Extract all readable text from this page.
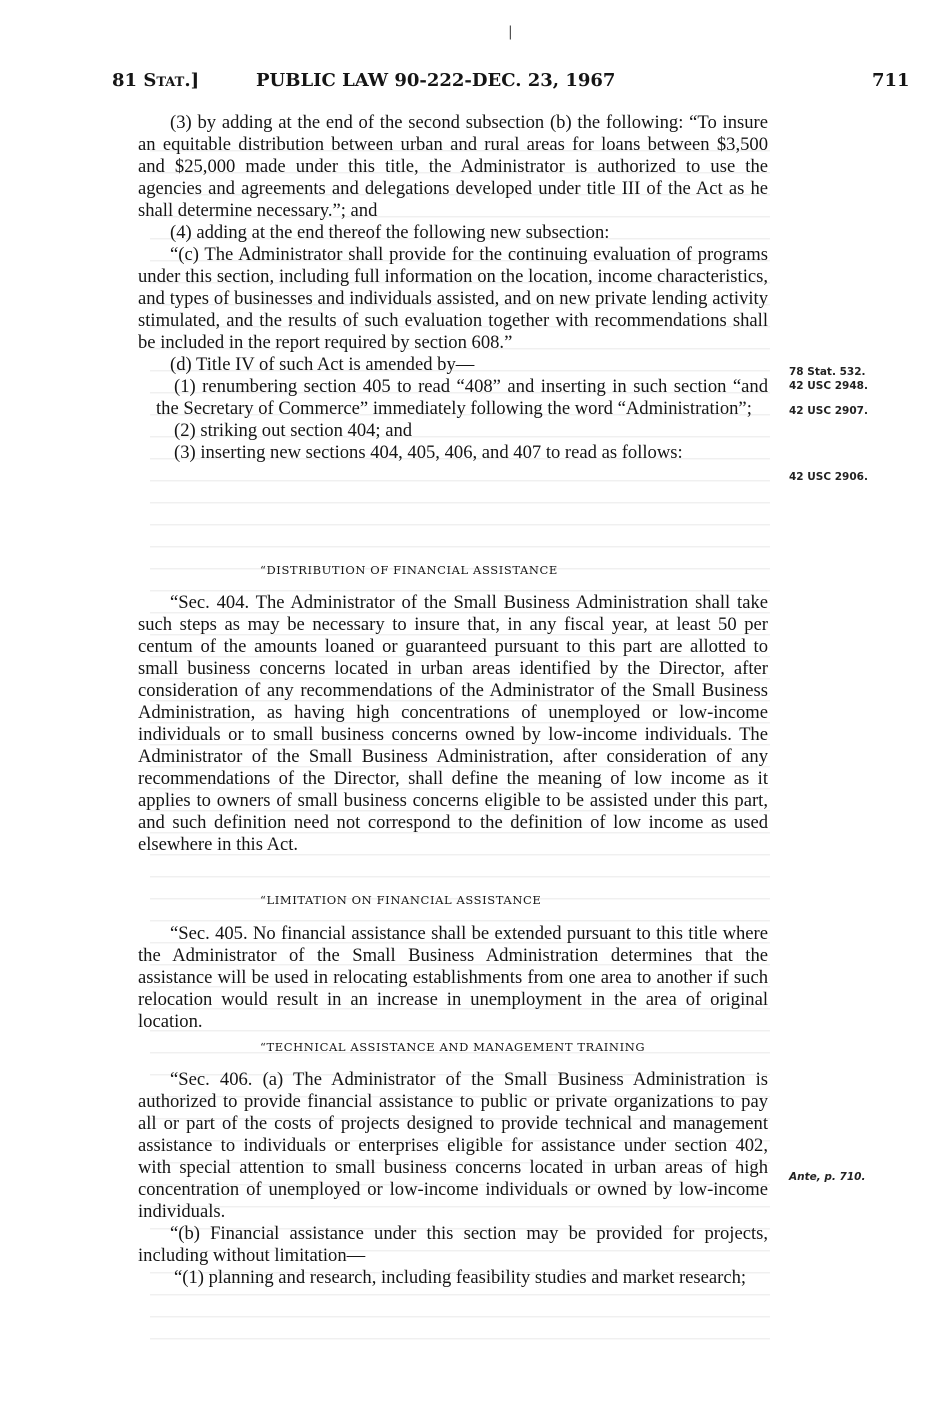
|
81 Stat.]	PUBLIC LAW 90-222-DEC. 23, 1967	711

(3) by adding at the end of the second subsection (b) the following: “To insure an equitable distribution between urban and rural areas for loans between $3,500 and $25,000 made under this title, the Administrator is authorized to use the agencies and agreements and delegations developed under title III of the Act as he shall determine necessary.”; and

(4) adding at the end thereof the following new subsection:

“(c) The Administrator shall provide for the continuing evaluation of programs under this section, including full information on the location, income characteristics, and types of businesses and individuals assisted, and on new private lending activity stimulated, and the results of such evaluation together with recommendations shall be included in the report required by section 608.”

(d) Title IV of such Act is amended by—

(1) renumbering section 405 to read “408” and inserting in such section “and the Secretary of Commerce” immediately following the word “Administration”;

(2) striking out section 404; and

(3) inserting new sections 404, 405, 406, and 407 to read as follows:

“DISTRIBUTION OF FINANCIAL ASSISTANCE

“Sec. 404. The Administrator of the Small Business Administration shall take such steps as may be necessary to insure that, in any fiscal year, at least 50 per centum of the amounts loaned or guaranteed pursuant to this part are allotted to small business concerns located in urban areas identified by the Director, after consideration of any recommendations of the Administrator of the Small Business Administration, as having high concentrations of unemployed or low-income individuals or to small business concerns owned by low-income individuals. The Administrator of the Small Business Administration, after consideration of any recommendations of the Director, shall define the meaning of low income as it applies to owners of small business concerns eligible to be assisted under this part, and such definition need not correspond to the definition of low income as used elsewhere in this Act.

“LIMITATION ON FINANCIAL ASSISTANCE

“Sec. 405. No financial assistance shall be extended pursuant to this title where the Administrator of the Small Business Administration determines that the assistance will be used in relocating establishments from one area to another if such relocation would result in an increase in unemployment in the area of original location.

“TECHNICAL ASSISTANCE AND MANAGEMENT TRAINING

“Sec. 406. (a) The Administrator of the Small Business Administration is authorized to provide financial assistance to public or private organizations to pay all or part of the costs of projects designed to provide technical and management assistance to individuals or enterprises eligible for assistance under section 402, with special attention to small business concerns located in urban areas of high concentration of unemployed or low-income individuals or owned by low-income individuals.

“(b) Financial assistance under this section may be provided for projects, including without limitation—

“(1) planning and research, including feasibility studies and market research;

78 Stat. 532.
42 USC 2948.
42 USC 2907.
42 USC 2906.
Ante, p. 710.
